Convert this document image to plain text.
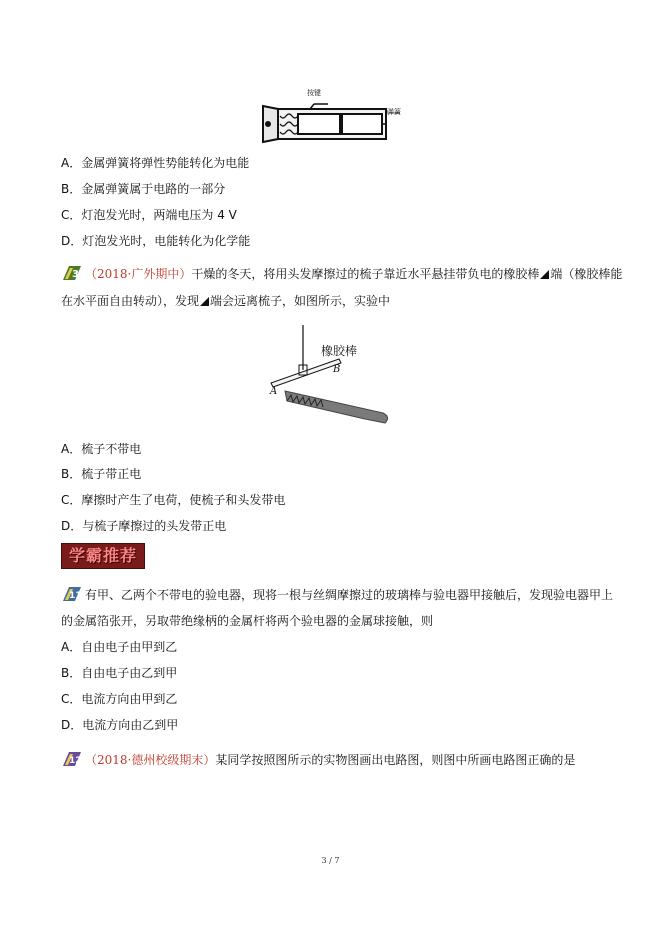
按键
弹簧
A．金属弹簧将弹性势能转化为电能
B．金属弹簧属于电路的一部分
C．灯泡发光时，两端电压为 4 V
D．灯泡发光时，电能转化为化学能
3 （2018·广外期中）干燥的冬天，将用头发摩擦过的梳子靠近水平悬挂带负电的橡胶棒 端（橡胶棒能
在水平面自由转动），发现 端会远离梳子，如图所示，实验中
橡胶棒
A
B
A．梳子不带电
B．梳子带正电
C．摩擦时产生了电荷，使梳子和头发带电
D．与梳子摩擦过的头发带正电
学霸推荐
11 有甲、乙两个不带电的验电器，现将一根与丝绸摩擦过的玻璃棒与验电器甲接触后，发现验电器甲上
的金属箔张开，另取带绝缘柄的金属杆将两个验电器的金属球接触，则
A．自由电子由甲到乙
B．自由电子由乙到甲
C．电流方向由甲到乙
D．电流方向由乙到甲
12 （2018·德州校级期末）某同学按照图所示的实物图画出电路图，则图中所画电路图正确的是
3 / 7
